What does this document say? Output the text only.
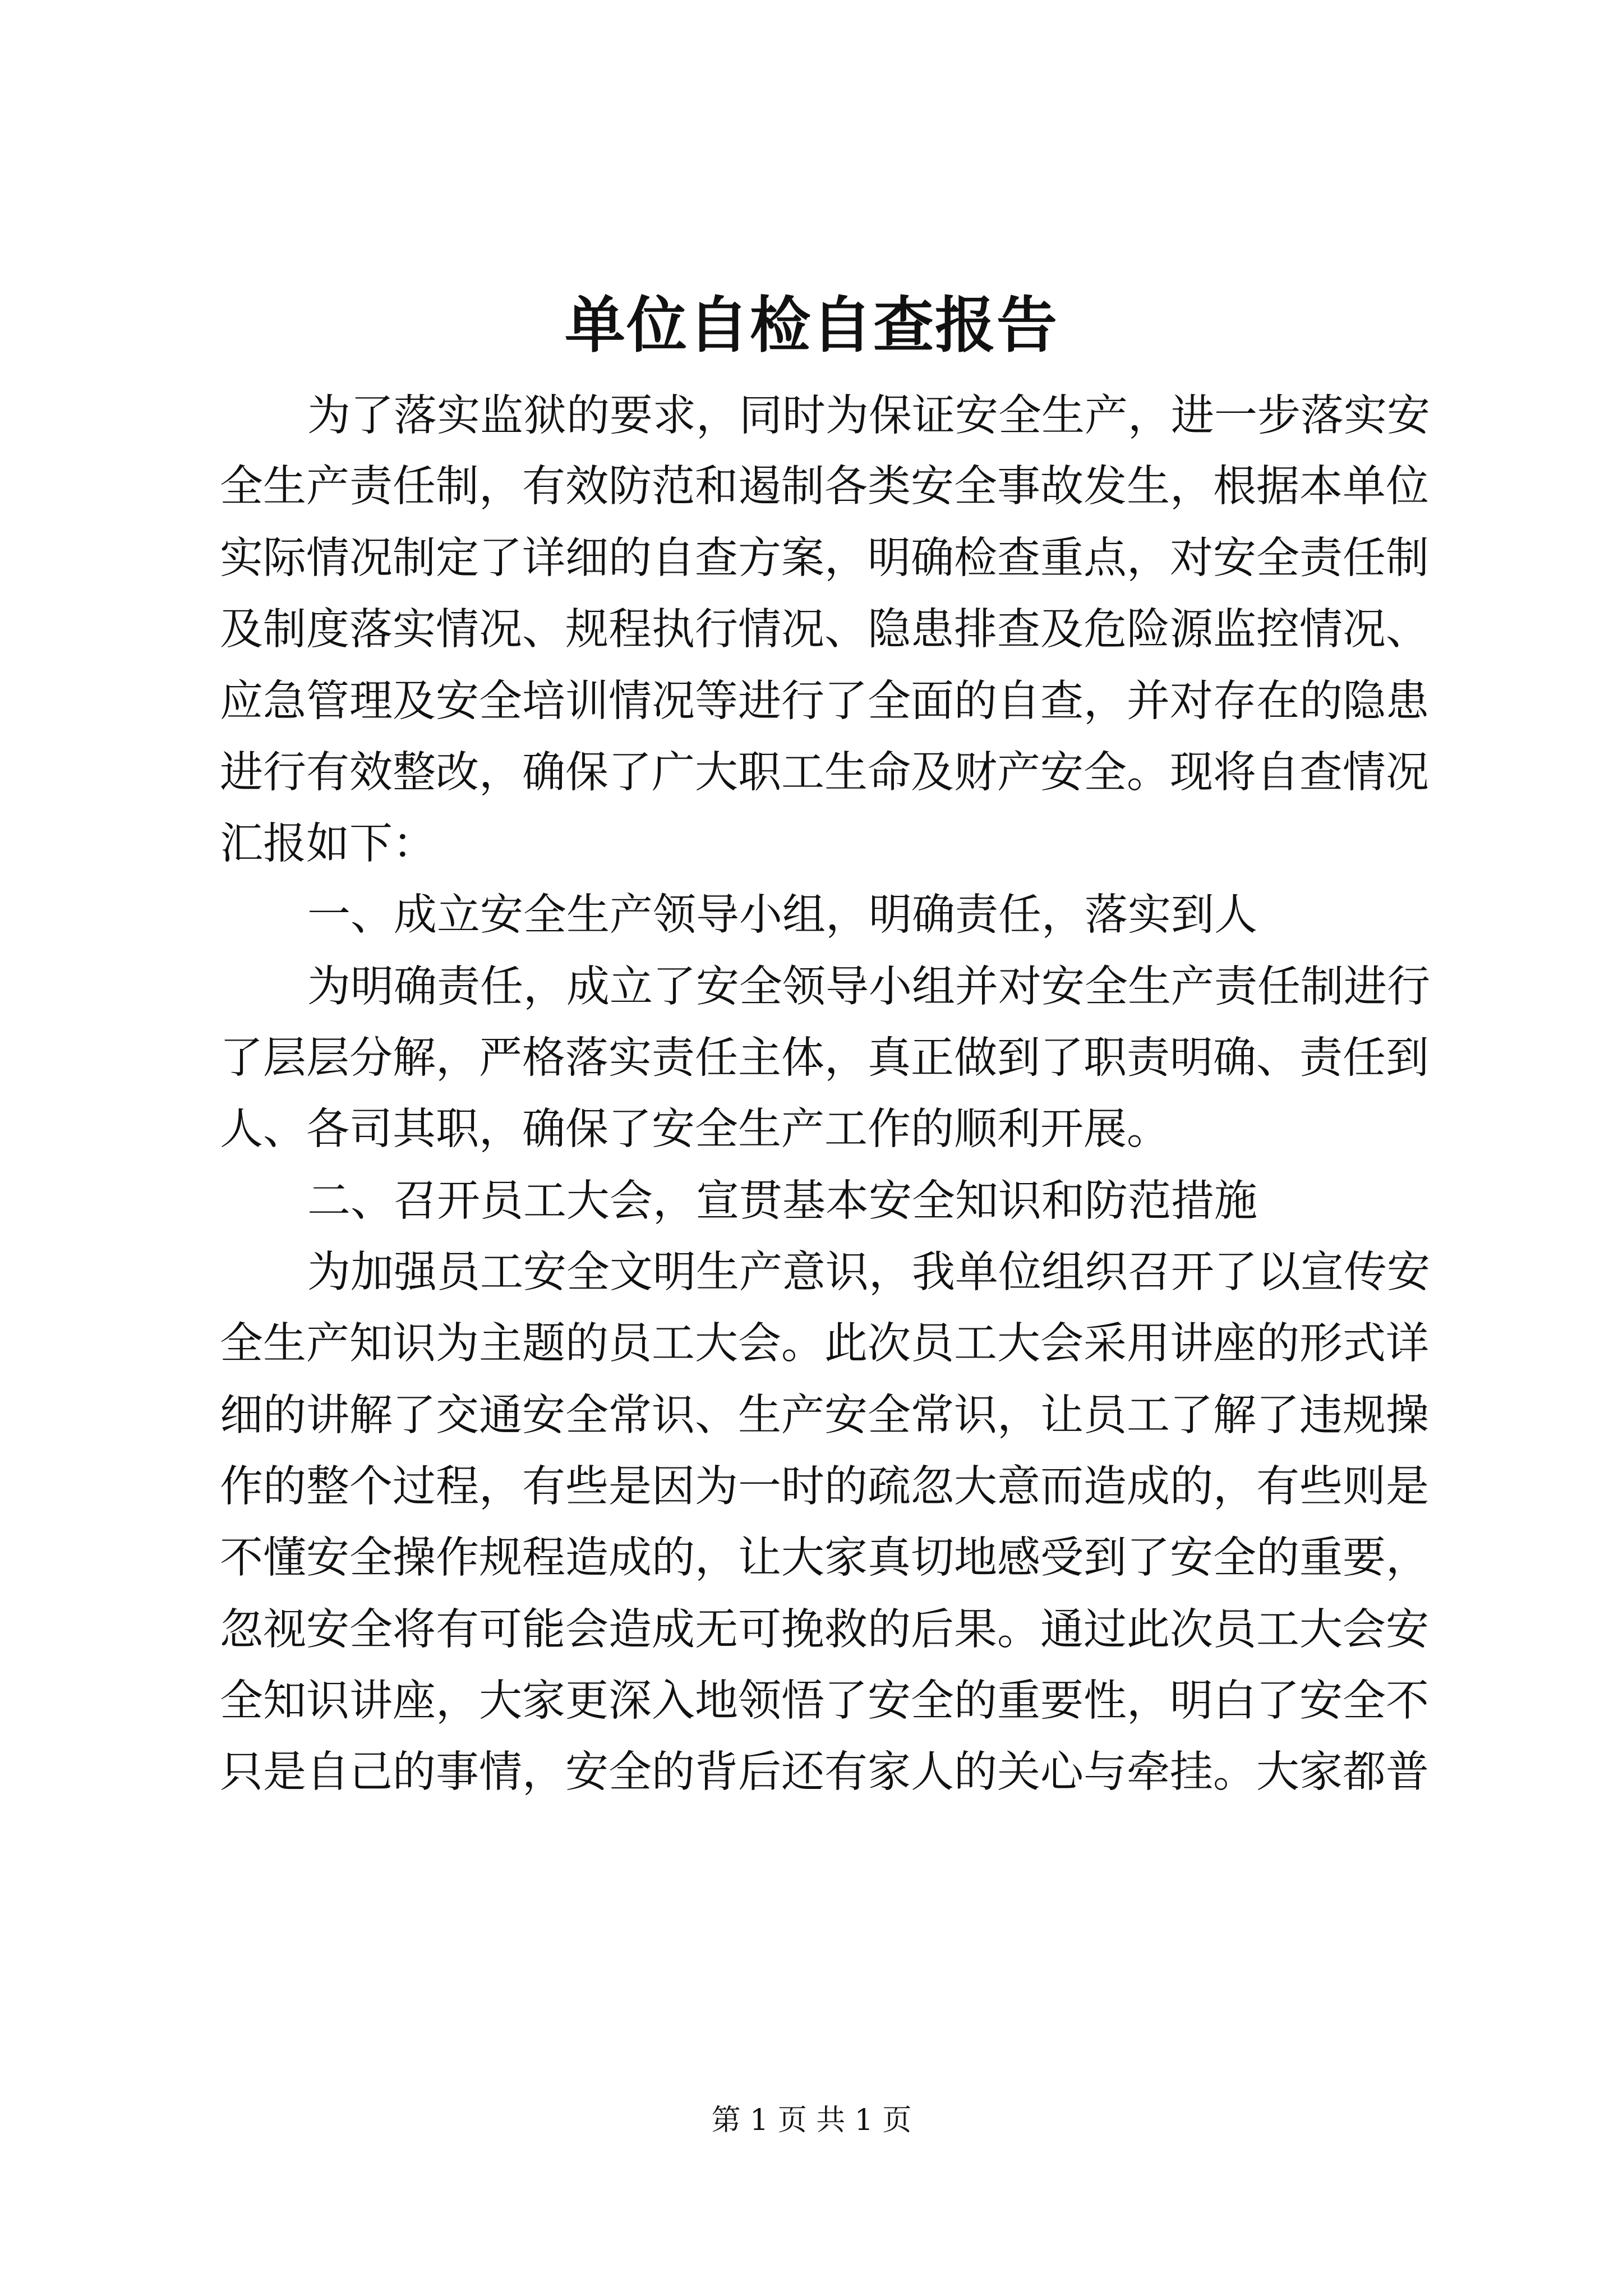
单位自检自查报告

为了落实监狱的要求，同时为保证安全生产，进一步落实安

全生产责任制，有效防范和遏制各类安全事故发生，根据本单位

实际情况制定了详细的自查方案，明确检查重点，对安全责任制

及制度落实情况、规程执行情况、隐患排查及危险源监控情况、

应急管理及安全培训情况等进行了全面的自查，并对存在的隐患

进行有效整改，确保了广大职工生命及财产安全。现将自查情况

汇报如下：

一、成立安全生产领导小组，明确责任，落实到人

为明确责任，成立了安全领导小组并对安全生产责任制进行

了层层分解，严格落实责任主体，真正做到了职责明确、责任到

人、各司其职，确保了安全生产工作的顺利开展。

二、召开员工大会，宣贯基本安全知识和防范措施

为加强员工安全文明生产意识，我单位组织召开了以宣传安

全生产知识为主题的员工大会。此次员工大会采用讲座的形式详

细的讲解了交通安全常识、生产安全常识，让员工了解了违规操

作的整个过程，有些是因为一时的疏忽大意而造成的，有些则是

不懂安全操作规程造成的，让大家真切地感受到了安全的重要，

忽视安全将有可能会造成无可挽救的后果。通过此次员工大会安

全知识讲座，大家更深入地领悟了安全的重要性，明白了安全不

只是自己的事情，安全的背后还有家人的关心与牵挂。大家都普

第 1 页 共 1 页
